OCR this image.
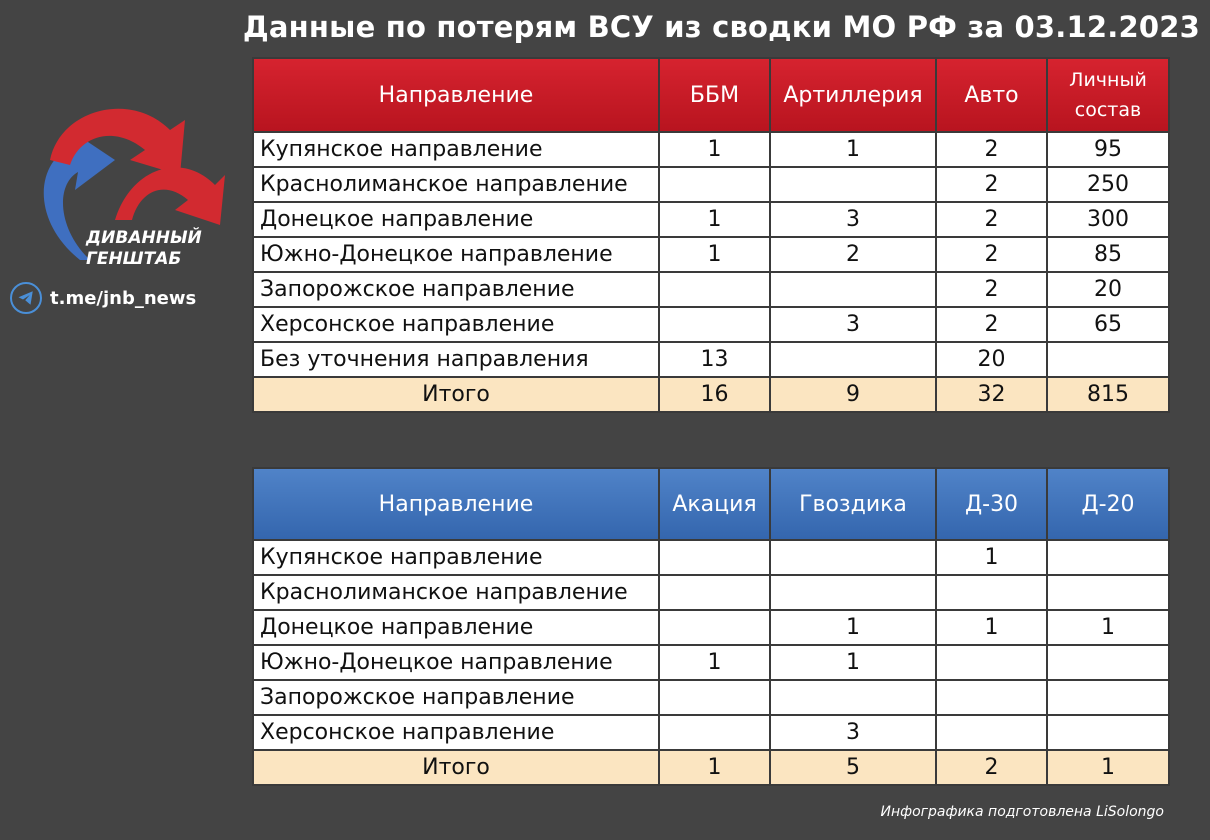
Данные по потерям ВСУ из сводки МО РФ за 03.12.2023
ДИВАННЫЙ
ГЕНШТАБ
t.me/jnb_news
Направление	ББМ	Артиллерия	Авто	Личный состав
Купянское направление	1	1	2	95
Краснолиманское направление			2	250
Донецкое направление	1	3	2	300
Южно-Донецкое направление	1	2	2	85
Запорожское направление			2	20
Херсонское направление		3	2	65
Без уточнения направления	13		20	
Итого	16	9	32	815
Направление	Акация	Гвоздика	Д-30	Д-20
Купянское направление			1	
Краснолиманское направление				
Донецкое направление		1	1	1
Южно-Донецкое направление	1	1		
Запорожское направление				
Херсонское направление		3		
Итого	1	5	2	1
Инфографика подготовлена LiSolongo
